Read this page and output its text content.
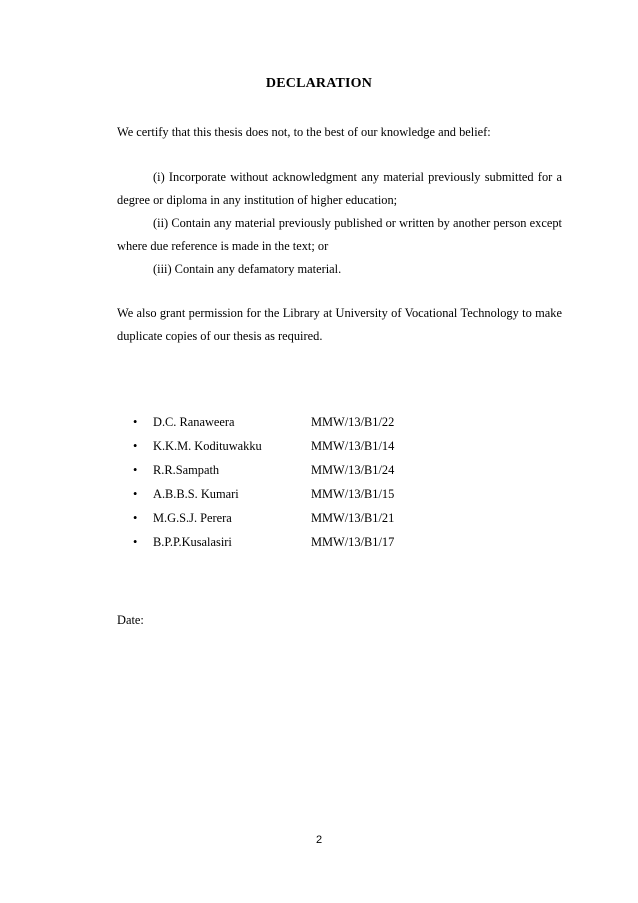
DECLARATION
We certify that this thesis does not, to the best of our knowledge and belief:
(i) Incorporate without acknowledgment any material previously submitted for a degree or diploma in any institution of higher education;
(ii) Contain any material previously published or written by another person except where due reference is made in the text; or
(iii) Contain any defamatory material.
We also grant permission for the Library at University of Vocational Technology to make duplicate copies of our thesis as required.
• D.C. Ranaweera	MMW/13/B1/22
• K.K.M. Kodituwakku	MMW/13/B1/14
• R.R.Sampath	MMW/13/B1/24
• A.B.B.S. Kumari	MMW/13/B1/15
• M.G.S.J. Perera	MMW/13/B1/21
• B.P.P.Kusalasiri	MMW/13/B1/17
Date:
2
